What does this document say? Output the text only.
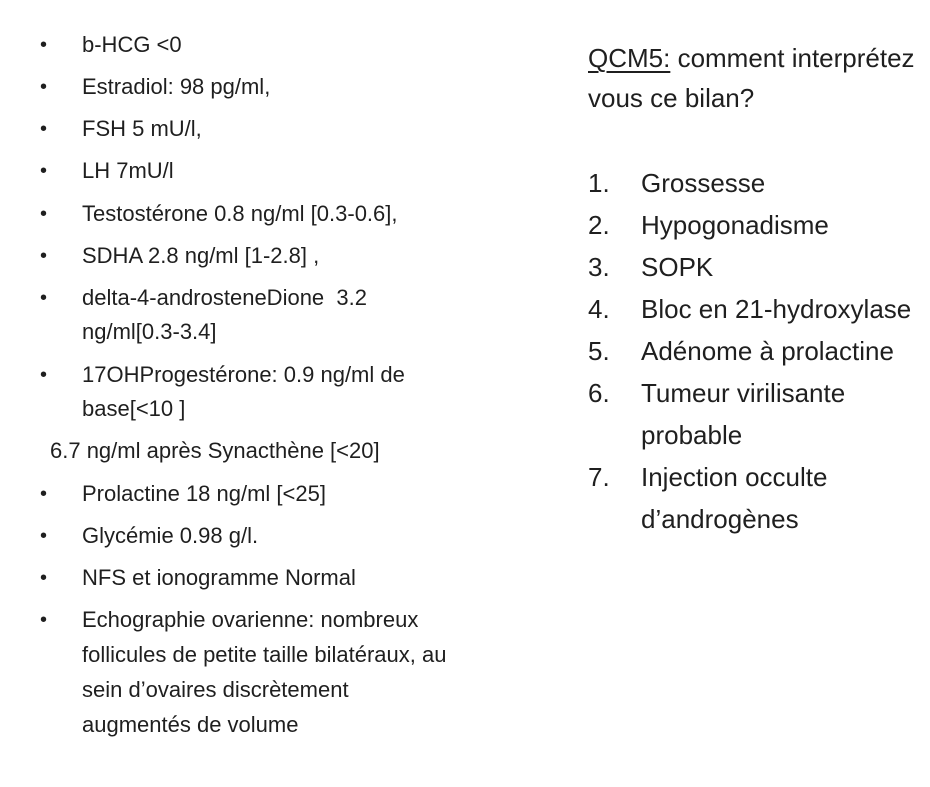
• b-HCG <0
• Estradiol: 98 pg/ml,
• FSH 5 mU/l,
• LH 7mU/l
• Testostérone 0.8 ng/ml [0.3-0.6],
• SDHA 2.8 ng/ml [1-2.8] ,
• delta-4-androsteneDione  3.2
ng/ml[0.3-3.4]
• 17OHProgestérone: 0.9 ng/ml de
base[<10 ]
6.7 ng/ml après Synacthène [<20]
• Prolactine 18 ng/ml [<25]
• Glycémie 0.98 g/l.
• NFS et ionogramme Normal
• Echographie ovarienne: nombreux
follicules de petite taille bilatéraux, au
sein d’ovaires discrètement
augmentés de volume
QCM5: comment interprétez
vous ce bilan?
1.	Grossesse
2.	Hypogonadisme
3.	SOPK
4.	Bloc en 21-hydroxylase
5.	Adénome à prolactine
6.	Tumeur virilisante
probable
7.	Injection occulte
d’androgènes
